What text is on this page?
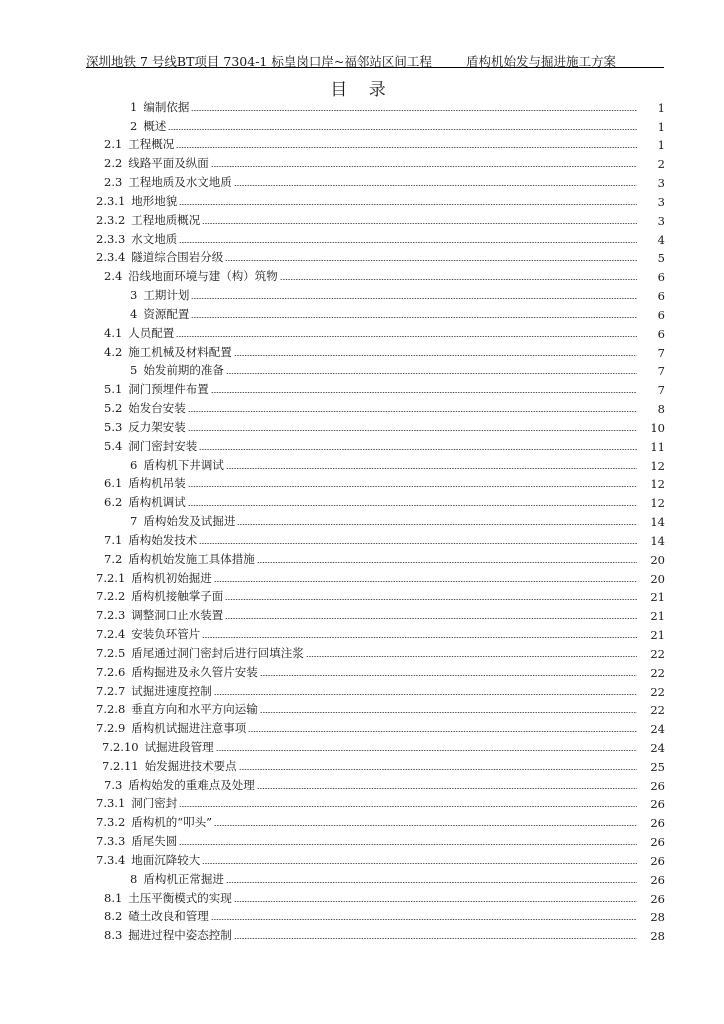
深圳地铁 7 号线BT项目 7304-1 标皇岗口岸~福邻站区间工程	盾构机始发与掘进施工方案
目 录
1 编制依据	1
2 概述	1
2.1 工程概况	1
2.2 线路平面及纵面	2
2.3 工程地质及水文地质	3
2.3.1 地形地貌	3
2.3.2 工程地质概况	3
2.3.3 水文地质	4
2.3.4 隧道综合围岩分级	5
2.4 沿线地面环境与建（构）筑物	6
3 工期计划	6
4 资源配置	6
4.1 人员配置	6
4.2 施工机械及材料配置	7
5 始发前期的准备	7
5.1 洞门预埋件布置	7
5.2 始发台安装	8
5.3 反力架安装	10
5.4 洞门密封安装	11
6 盾构机下井调试	12
6.1 盾构机吊装	12
6.2 盾构机调试	12
7 盾构始发及试掘进	14
7.1 盾构始发技术	14
7.2 盾构机始发施工具体措施	20
7.2.1 盾构机初始掘进	20
7.2.2 盾构机接触掌子面	21
7.2.3 调整洞口止水装置	21
7.2.4 安装负环管片	21
7.2.5 盾尾通过洞门密封后进行回填注浆	22
7.2.6 盾构掘进及永久管片安装	22
7.2.7 试掘进速度控制	22
7.2.8 垂直方向和水平方向运输	22
7.2.9 盾构机试掘进注意事项	24
7.2.10 试掘进段管理	24
7.2.11 始发掘进技术要点	25
7.3 盾构始发的重难点及处理	26
7.3.1 洞门密封	26
7.3.2 盾构机的“叩头”	26
7.3.3 盾尾失圆	26
7.3.4 地面沉降较大	26
8 盾构机正常掘进	26
8.1 土压平衡模式的实现	26
8.2 碴土改良和管理	28
8.3 掘进过程中姿态控制	28
